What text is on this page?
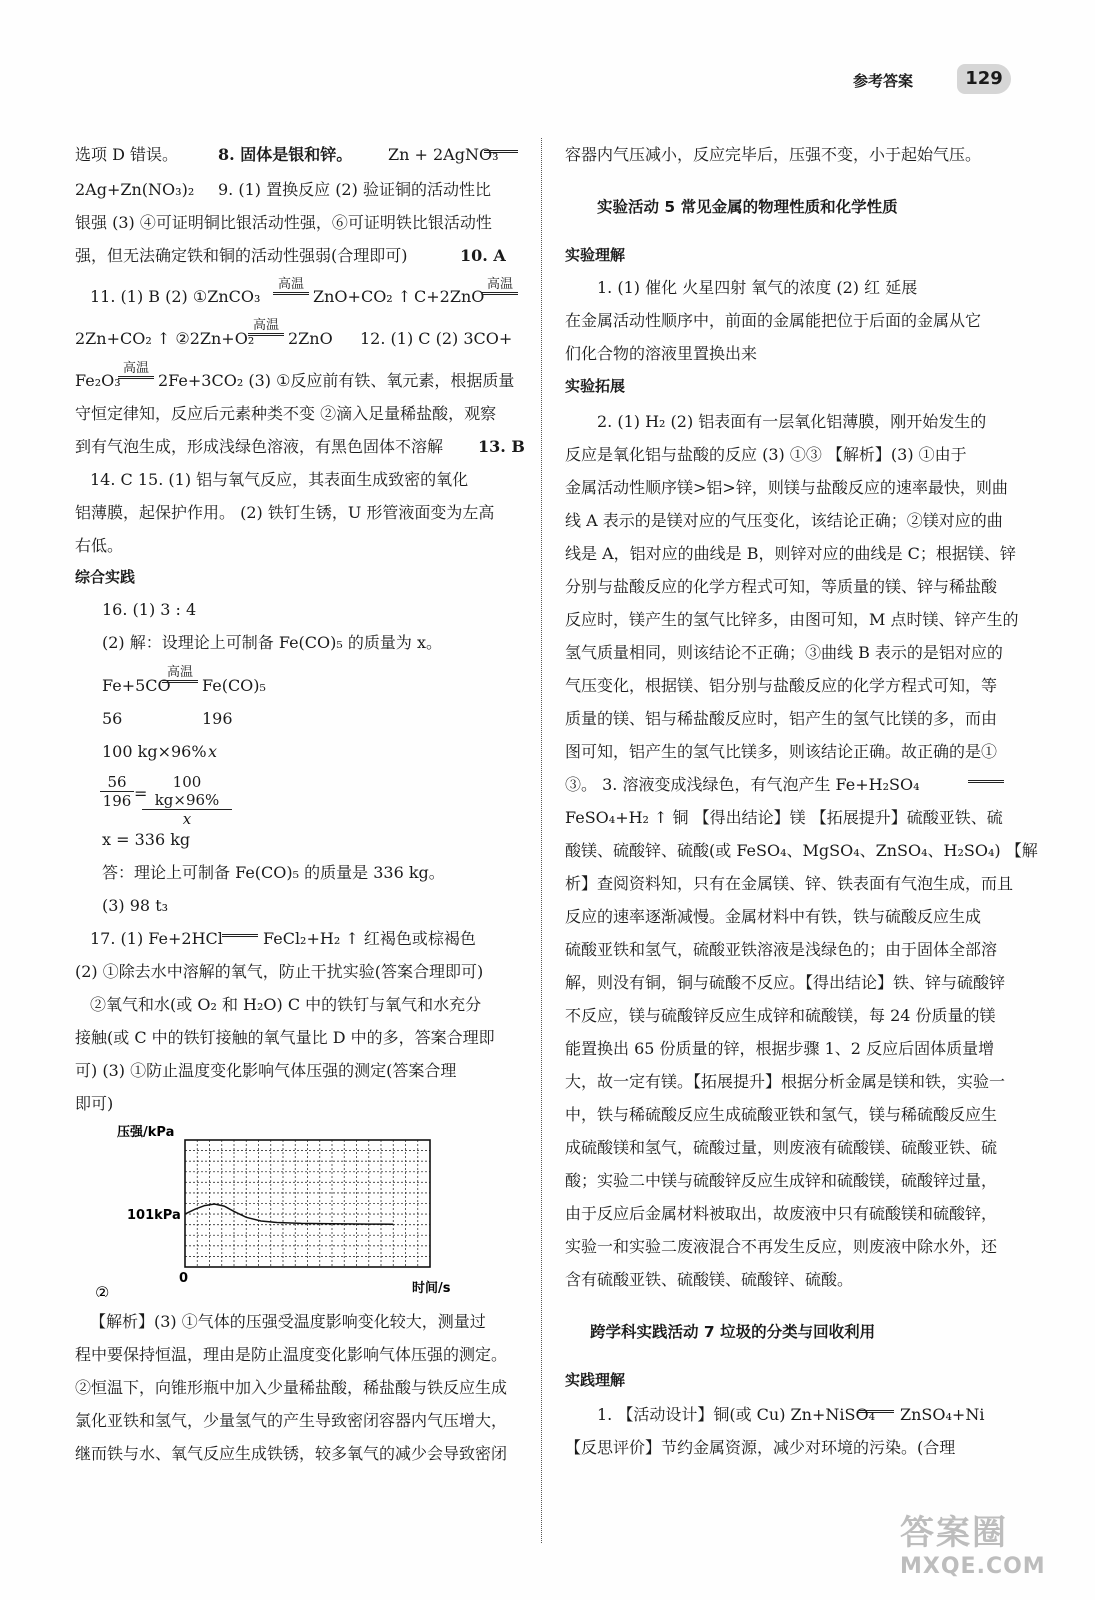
参考答案	129
选项 D 错误。 8. 固体是银和锌。 Zn + 2AgNO₃
2Ag+Zn(NO₃)₂ 9. (1) 置换反应 (2) 验证铜的活动性比
银强 (3) ④可证明铜比银活动性强，⑥可证明铁比银活动性
强，但无法确定铁和铜的活动性强弱(合理即可)	10. A
11. (1) B (2) ①ZnCO₃
高温
ZnO+CO₂ ↑ C+2ZnO
高温
2Zn+CO₂ ↑ ②2Zn+O₂
高温
2ZnO 12. (1) C (2) 3CO+
Fe₂O₃
高温
2Fe+3CO₂ (3) ①反应前有铁、氧元素，根据质量
守恒定律知，反应后元素种类不变 ②滴入足量稀盐酸，观察
到有气泡生成，形成浅绿色溶液，有黑色固体不溶解 13. B
14. C 15. (1) 铝与氧气反应，其表面生成致密的氧化
铝薄膜，起保护作用。 (2) 铁钉生锈，U 形管液面变为左高
右低。
综合实践
16. (1) 3 : 4
(2) 解：设理论上可制备 Fe(CO)₅ 的质量为 x。
Fe+5CO
高温
Fe(CO)₅
56	196
100 kg×96% x
$\frac{56}{196}$ =
$\frac{100 kg\times 96\%}{x}$
x = 336 kg
答：理论上可制备 Fe(CO)₅ 的质量是 336 kg。
(3) 98 t₃
17. (1) Fe+2HCl	FeCl₂+H₂ ↑ 红褐色或棕褐色
(2) ①除去水中溶解的氧气，防止干扰实验(答案合理即可)
②氧气和水(或 O₂ 和 H₂O) C 中的铁钉与氧气和水充分
接触(或 C 中的铁钉接触的氧气量比 D 中的多，答案合理即
可) (3) ①防止温度变化影响气体压强的测定(答案合理
即可)
②
压强/kPa
时间/s
0
101kPa
【解析】(3) ①气体的压强受温度影响变化较大，测量过
程中要保持恒温，理由是防止温度变化影响气体压强的测定。
②恒温下，向锥形瓶中加入少量稀盐酸，稀盐酸与铁反应生成
氯化亚铁和氢气，少量氢气的产生导致密闭容器内气压增大，
继而铁与水、氧气反应生成铁锈，较多氧气的减少会导致密闭
容器内气压减小，反应完毕后，压强不变，小于起始气压。
实验活动 5 常见金属的物理性质和化学性质
实验理解
1. (1) 催化 火星四射 氧气的浓度 (2) 红 延展
在金属活动性顺序中，前面的金属能把位于后面的金属从它
们化合物的溶液里置换出来
实验拓展
2. (1) H₂ (2) 铝表面有一层氧化铝薄膜，刚开始发生的
反应是氧化铝与盐酸的反应 (3) ①③ 【解析】(3) ①由于
金属活动性顺序镁>铝>锌，则镁与盐酸反应的速率最快，则曲
线 A 表示的是镁对应的气压变化，该结论正确；②镁对应的曲
线是 A，铝对应的曲线是 B，则锌对应的曲线是 C；根据镁、锌
分别与盐酸反应的化学方程式可知，等质量的镁、锌与稀盐酸
反应时，镁产生的氢气比锌多，由图可知，M 点时镁、锌产生的
氢气质量相同，则该结论不正确；③曲线 B 表示的是铝对应的
气压变化，根据镁、铝分别与盐酸反应的化学方程式可知，等
质量的镁、铝与稀盐酸反应时，铝产生的氢气比镁的多，而由
图可知，铝产生的氢气比镁多，则该结论正确。故正确的是①
③。 3. 溶液变成浅绿色，有气泡产生 Fe+H₂SO₄
FeSO₄+H₂ ↑ 铜 【得出结论】镁 【拓展提升】硫酸亚铁、硫
酸镁、硫酸锌、硫酸(或 FeSO₄、MgSO₄、ZnSO₄、H₂SO₄) 【解
析】查阅资料知，只有在金属镁、锌、铁表面有气泡生成，而且
反应的速率逐渐减慢。金属材料中有铁，铁与硫酸反应生成
硫酸亚铁和氢气，硫酸亚铁溶液是浅绿色的；由于固体全部溶
解，则没有铜，铜与硫酸不反应。【得出结论】铁、锌与硫酸锌
不反应，镁与硫酸锌反应生成锌和硫酸镁，每 24 份质量的镁
能置换出 65 份质量的锌，根据步骤 1、2 反应后固体质量增
大，故一定有镁。【拓展提升】根据分析金属是镁和铁，实验一
中，铁与稀硫酸反应生成硫酸亚铁和氢气，镁与稀硫酸反应生
成硫酸镁和氢气，硫酸过量，则废液有硫酸镁、硫酸亚铁、硫
酸；实验二中镁与硫酸锌反应生成锌和硫酸镁，硫酸锌过量，
由于反应后金属材料被取出，故废液中只有硫酸镁和硫酸锌，
实验一和实验二废液混合不再发生反应，则废液中除水外，还
含有硫酸亚铁、硫酸镁、硫酸锌、硫酸。
跨学科实践活动 7 垃圾的分类与回收利用
实践理解
1. 【活动设计】铜(或 Cu) Zn+NiSO₄ ZnSO₄+Ni
【反思评价】节约金属资源，减少对环境的污染。(合理
答案圈
MXQE.COM
